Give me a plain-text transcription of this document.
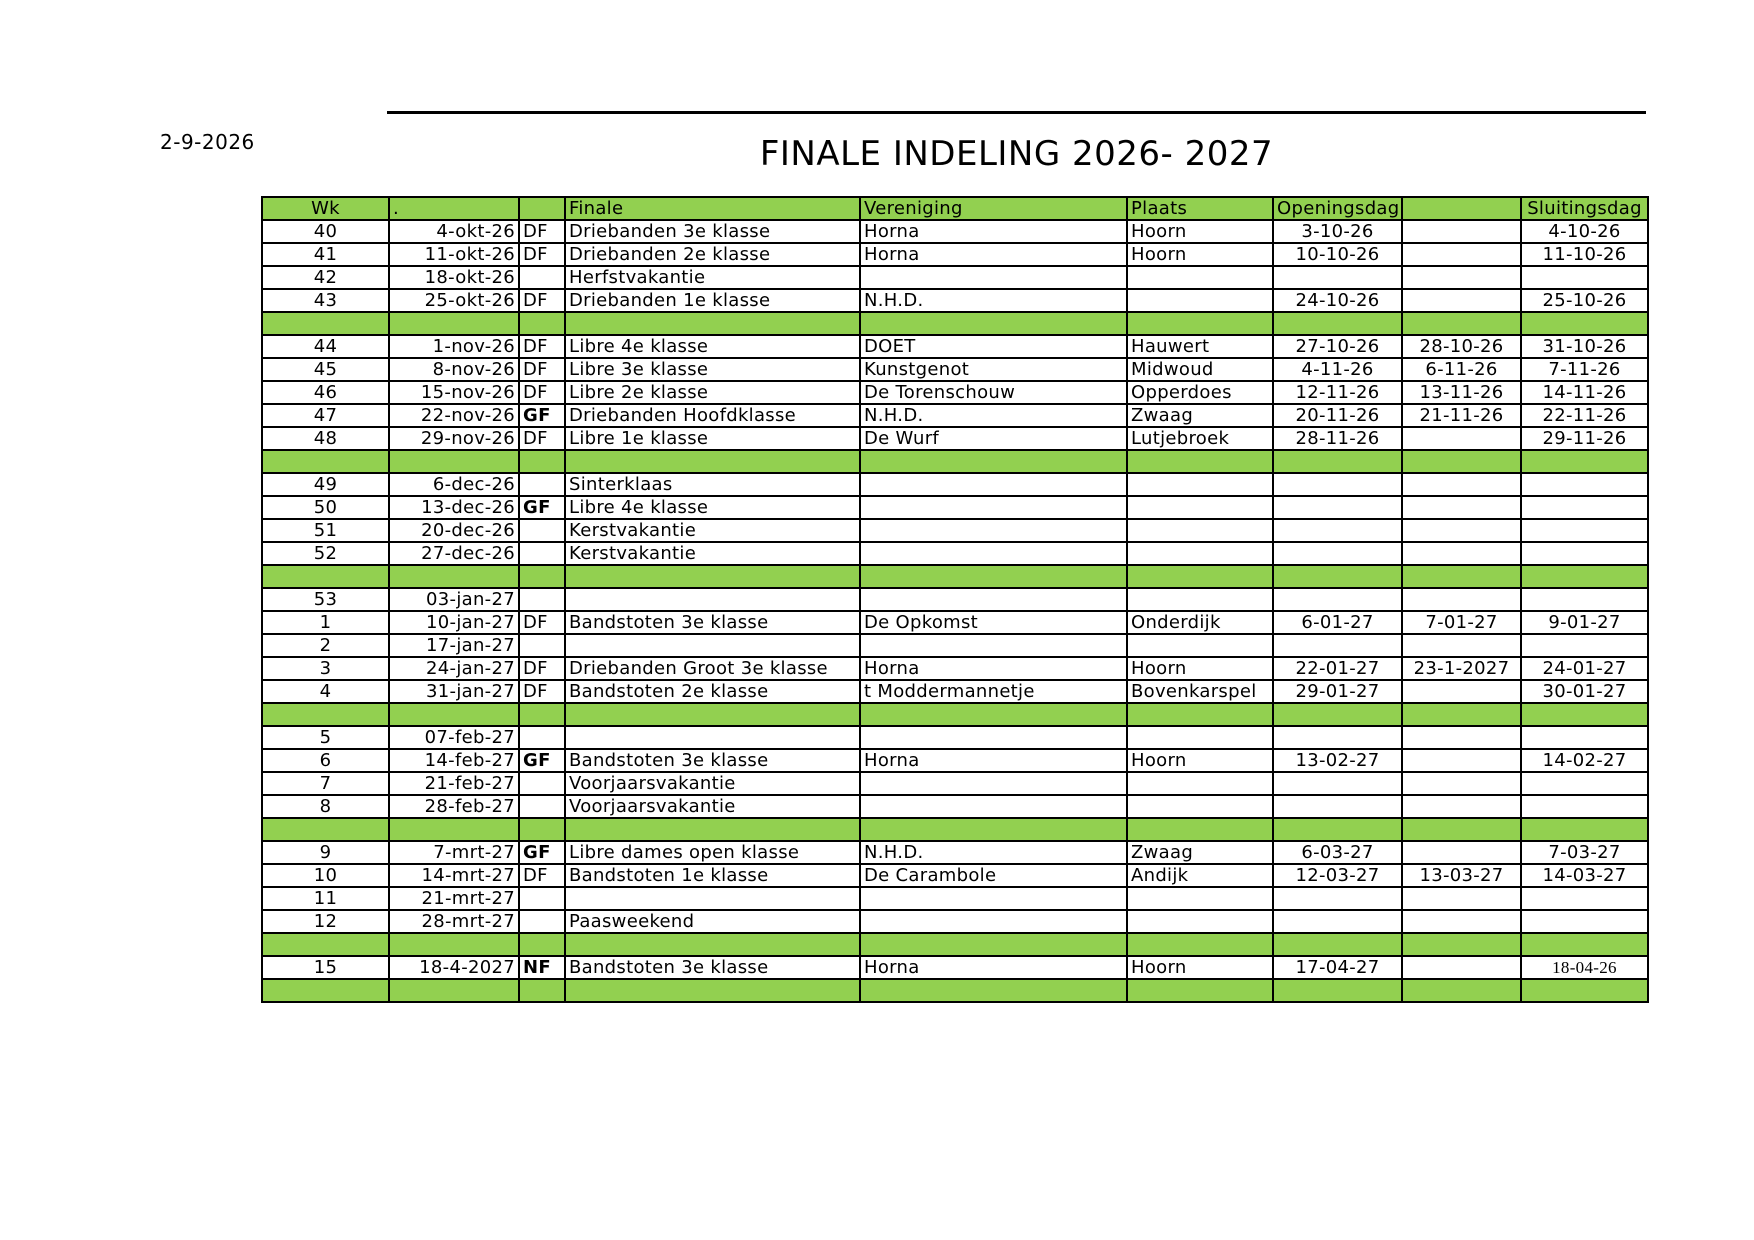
2-9-2026	FINALE INDELING 2026- 2027
Wk	.		Finale	Vereniging	Plaats	Openingsdag		Sluitingsdag
40	4-okt-26	DF	Driebanden 3e klasse	Horna	Hoorn	3-10-26		4-10-26
41	11-okt-26	DF	Driebanden 2e klasse	Horna	Hoorn	10-10-26		11-10-26
42	18-okt-26		Herfstvakantie					
43	25-okt-26	DF	Driebanden 1e klasse	N.H.D.		24-10-26		25-10-26

44	1-nov-26	DF	Libre 4e klasse	DOET	Hauwert	27-10-26	28-10-26	31-10-26
45	8-nov-26	DF	Libre 3e klasse	Kunstgenot	Midwoud	4-11-26	6-11-26	7-11-26
46	15-nov-26	DF	Libre 2e klasse	De Torenschouw	Opperdoes	12-11-26	13-11-26	14-11-26
47	22-nov-26	GF	Driebanden Hoofdklasse	N.H.D.	Zwaag	20-11-26	21-11-26	22-11-26
48	29-nov-26	DF	Libre 1e klasse	De Wurf	Lutjebroek	28-11-26		29-11-26

49	6-dec-26		Sinterklaas					
50	13-dec-26	GF	Libre 4e klasse					
51	20-dec-26		Kerstvakantie					
52	27-dec-26		Kerstvakantie					

53	03-jan-27							
1	10-jan-27	DF	Bandstoten 3e klasse	De Opkomst	Onderdijk	6-01-27	7-01-27	9-01-27
2	17-jan-27							
3	24-jan-27	DF	Driebanden Groot 3e klasse	Horna	Hoorn	22-01-27	23-1-2027	24-01-27
4	31-jan-27	DF	Bandstoten 2e klasse	t Moddermannetje	Bovenkarspel	29-01-27		30-01-27

5	07-feb-27							
6	14-feb-27	GF	Bandstoten 3e klasse	Horna	Hoorn	13-02-27		14-02-27
7	21-feb-27		Voorjaarsvakantie					
8	28-feb-27		Voorjaarsvakantie					

9	7-mrt-27	GF	Libre dames open klasse	N.H.D.	Zwaag	6-03-27		7-03-27
10	14-mrt-27	DF	Bandstoten 1e klasse	De Carambole	Andijk	12-03-27	13-03-27	14-03-27
11	21-mrt-27							
12	28-mrt-27		Paasweekend					

15	18-4-2027	NF	Bandstoten 3e klasse	Horna	Hoorn	17-04-27		18-04-26
